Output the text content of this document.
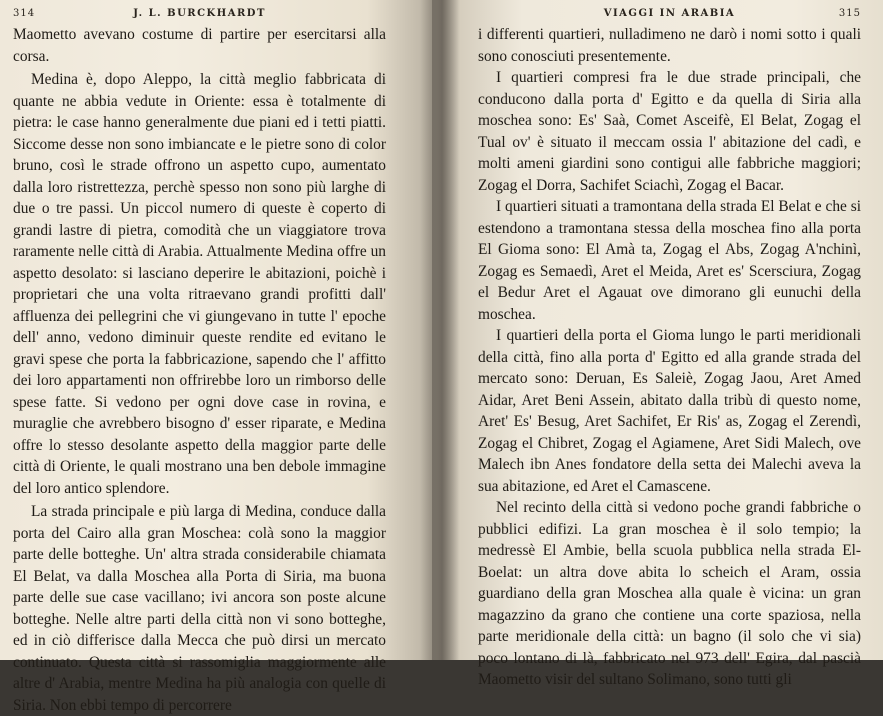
314	J. L. BURCKHARDT

Maometto avevano costume di partire per esercitarsi alla corsa.

Medina è, dopo Aleppo, la città meglio fabbricata di quante ne abbia vedute in Oriente: essa è totalmente di pietra: le case hanno generalmente due piani ed i tetti piatti. Siccome desse non sono imbiancate e le pietre sono di color bruno, così le strade offrono un aspetto cupo, aumentato dalla loro ristrettezza, perchè spesso non sono più larghe di due o tre passi. Un piccol numero di queste è coperto di grandi lastre di pietra, comodità che un viaggiatore trova raramente nelle città di Arabia. Attualmente Medina offre un aspetto desolato: si lasciano deperire le abitazioni, poichè i proprietari che una volta ritraevano grandi profitti dall' affluenza dei pellegrini che vi giungevano in tutte l' epoche dell' anno, vedono diminuir queste rendite ed evitano le gravi spese che porta la fabbricazione, sapendo che l' affitto dei loro appartamenti non offrirebbe loro un rimborso delle spese fatte. Si vedono per ogni dove case in rovina, e muraglie che avrebbero bisogno d' esser riparate, e Medina offre lo stesso desolante aspetto della maggior parte delle città di Oriente, le quali mostrano una ben debole immagine del loro antico splendore.

La strada principale e più larga di Medina, conduce dalla porta del Cairo alla gran Moschea: colà sono la maggior parte delle botteghe. Un' altra strada considerabile chiamata El Belat, va dalla Moschea alla Porta di Siria, ma buona parte delle sue case vacillano; ivi ancora son poste alcune botteghe. Nelle altre parti della città non vi sono botteghe, ed in ciò differisce dalla Mecca che può dirsi un mercato continuato. Questa città si rassomiglia maggiormente alle altre d' Arabia, mentre Medina ha più analogia con quelle di Siria. Non ebbi tempo di percorrere

VIAGGI IN ARABIA	315

i differenti quartieri, nulladimeno ne darò i nomi sotto i quali sono conosciuti presentemente.

I quartieri compresi fra le due strade principali, che conducono dalla porta d' Egitto e da quella di Siria alla moschea sono: Es' Saà, Comet Asceifè, El Belat, Zogag el Tual ov' è situato il meccam ossia l' abitazione del cadì, e molti ameni giardini sono contigui alle fabbriche maggiori; Zogag el Dorra, Sachifet Sciachì, Zogag el Bacar.

I quartieri situati a tramontana della strada El Belat e che si estendono a tramontana stessa della moschea fino alla porta El Gioma sono: El Amà ta, Zogag el Abs, Zogag A'nchinì, Zogag es Semaedì, Aret el Meida, Aret es' Scersciura, Zogag el Bedur Aret el Agauat ove dimorano gli eunuchi della moschea.

I quartieri della porta el Gioma lungo le parti meridionali della città, fino alla porta d' Egitto ed alla grande strada del mercato sono: Deruan, Es Saleiè, Zogag Jaou, Aret Amed Aidar, Aret Beni Assein, abitato dalla tribù di questo nome, Aret' Es' Besug, Aret Sachifet, Er Ris' as, Zogag el Zerendì, Zogag el Chibret, Zogag el Agiamene, Aret Sidi Malech, ove Malech ibn Anes fondatore della setta dei Malechi aveva la sua abitazione, ed Aret el Camascene.

Nel recinto della città si vedono poche grandi fabbriche o pubblici edifizi. La gran moschea è il solo tempio; la medressè El Ambie, bella scuola pubblica nella strada El-Boelat: un altra dove abita lo scheich el Aram, ossia guardiano della gran Moschea alla quale è vicina: un gran magazzino da grano che contiene una corte spaziosa, nella parte meridionale della città: un bagno (il solo che vi sia) poco lontano di là, fabbricato nel 973 dell' Egira, dal pascià Maometto visir del sultano Solimano, sono tutti gli
